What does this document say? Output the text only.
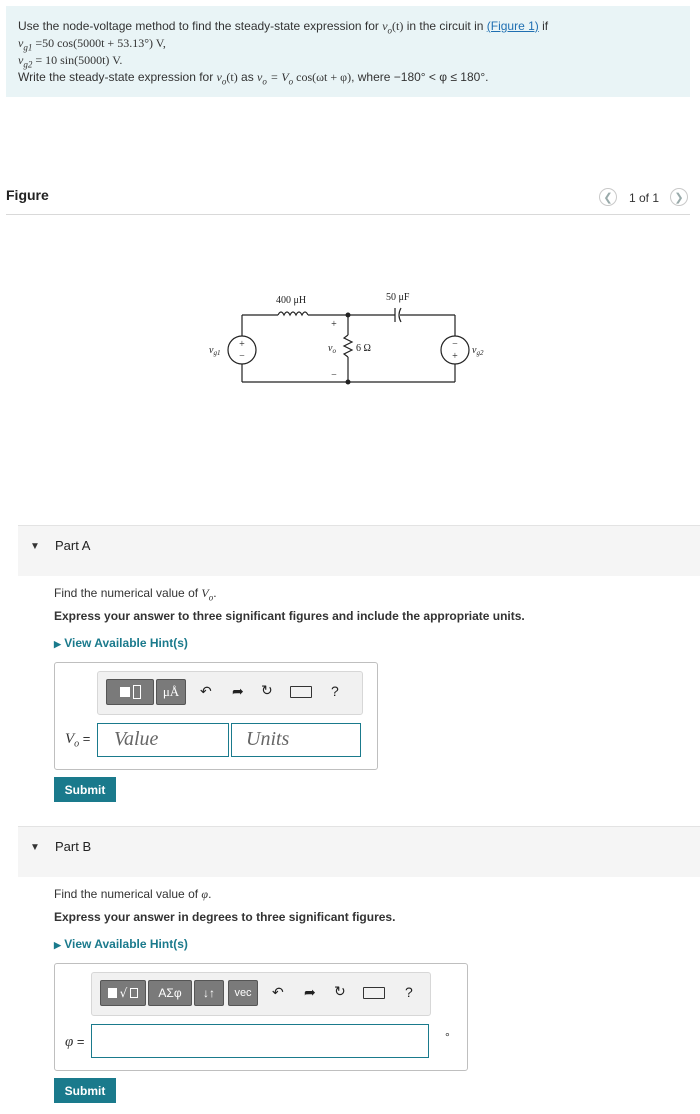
Use the node-voltage method to find the steady-state expression for $v_o(t)$ in the circuit in (Figure 1) if
$v_{g1} =50$ cos(5000t + 53.13°) V,
$v_{g2} = 10$ sin(5000t) V.
Write the steady-state expression for $v_o(t)$ as $v_o = V_o$ cos(ωt + φ), where −180° < φ ≤ 180°.
Figure	❮ 1 of 1 ❯
+
−
−
+
$v_{g1}$	$v_{g2}$
400 μH	50 μF
+
−
$v_o$ 6 Ω
▼ Part A
Find the numerical value of $V_o$.
Express your answer to three significant figures and include the appropriate units.
▶ View Available Hint(s)
μÅ	↶ ➦ ↻	?
$V_o$ = Value	Units
Submit
▼ Part B
Find the numerical value of φ.
Express your answer in degrees to three significant figures.
▶ View Available Hint(s)
√	ΑΣφ	↓↑	vec	↶ ➦ ↻	?
φ =	°
Submit
